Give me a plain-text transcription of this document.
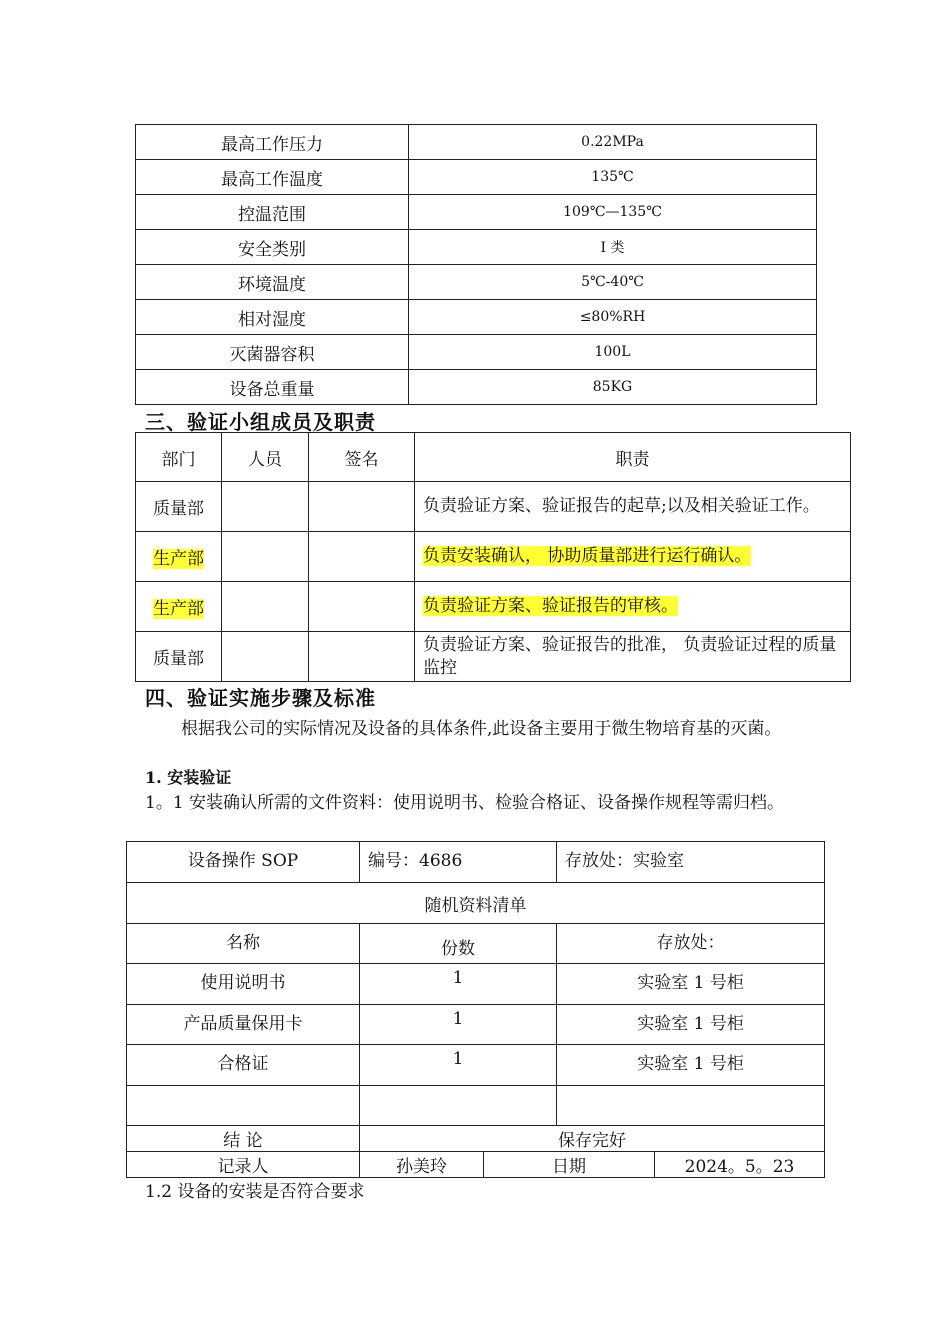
最高工作压力	0.22MPa
最高工作温度	135℃
控温范围	109℃—135℃
安全类别	Ⅰ 类
环境温度	5℃-40℃
相对湿度	≤80%RH
灭菌器容积	100L
设备总重量	85KG
三、验证小组成员及职责
部门	人员	签名	职责
质量部			负责验证方案、验证报告的起草;以及相关验证工作。
生产部			负责安装确认， 协助质量部进行运行确认。
生产部			负责验证方案、验证报告的审核。
质量部			负责验证方案、验证报告的批准， 负责验证过程的质量监控
四、验证实施步骤及标准
根据我公司的实际情况及设备的具体条件,此设备主要用于微生物培育基的灭菌。
1. 安装验证
1。1 安装确认所需的文件资料：使用说明书、检验合格证、设备操作规程等需归档。
设备操作 SOP	编号：4686		存放处：实验室	
随机资料清单				
名称	份数		存放处：	
使用说明书	1		实验室 1 号柜	
产品质量保用卡	1		实验室 1 号柜	
合格证	1		实验室 1 号柜	

结 论	保存完好			
记录人	孙美玲	日期		2024。5。23
1.2 设备的安装是否符合要求
